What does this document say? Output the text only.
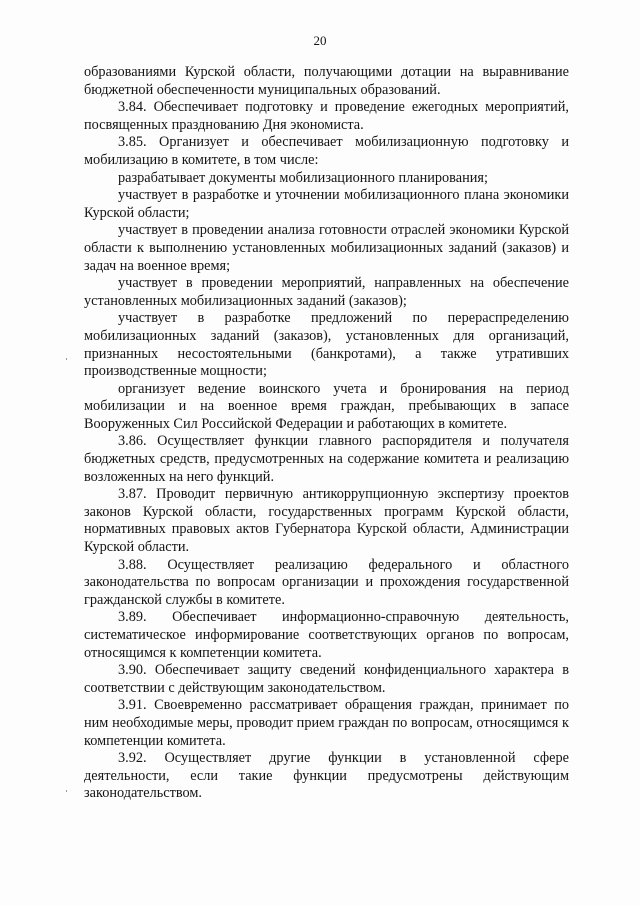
20

образованиями Курской области, получающими дотации на выравнивание бюджетной обеспеченности муниципальных образований.

3.84. Обеспечивает подготовку и проведение ежегодных мероприятий, посвященных празднованию Дня экономиста.

3.85. Организует и обеспечивает мобилизационную подготовку и мобилизацию в комитете, в том числе:

разрабатывает документы мобилизационного планирования;

участвует в разработке и уточнении мобилизационного плана экономики Курской области;

участвует в проведении анализа готовности отраслей экономики Курской области к выполнению установленных мобилизационных заданий (заказов) и задач на военное время;

участвует в проведении мероприятий, направленных на обеспечение установленных мобилизационных заданий (заказов);

участвует в разработке предложений по перераспределению мобилизационных заданий (заказов), установленных для организаций, признанных несостоятельными (банкротами), а также утративших производственные мощности;

организует ведение воинского учета и бронирования на период мобилизации и на военное время граждан, пребывающих в запасе Вооруженных Сил Российской Федерации и работающих в комитете.

3.86. Осуществляет функции главного распорядителя и получателя бюджетных средств, предусмотренных на содержание комитета и реализацию возложенных на него функций.

3.87. Проводит первичную антикоррупционную экспертизу проектов законов Курской области, государственных программ Курской области, нормативных правовых актов Губернатора Курской области, Администрации Курской области.

3.88. Осуществляет реализацию федерального и областного законодательства по вопросам организации и прохождения государственной гражданской службы в комитете.

3.89. Обеспечивает информационно-справочную деятельность, систематическое информирование соответствующих органов по вопросам, относящимся к компетенции комитета.

3.90. Обеспечивает защиту сведений конфиденциального характера в соответствии с действующим законодательством.

3.91. Своевременно рассматривает обращения граждан, принимает по ним необходимые меры, проводит прием граждан по вопросам, относящимся к компетенции комитета.

3.92. Осуществляет другие функции в установленной сфере деятельности, если такие функции предусмотрены действующим законодательством.
